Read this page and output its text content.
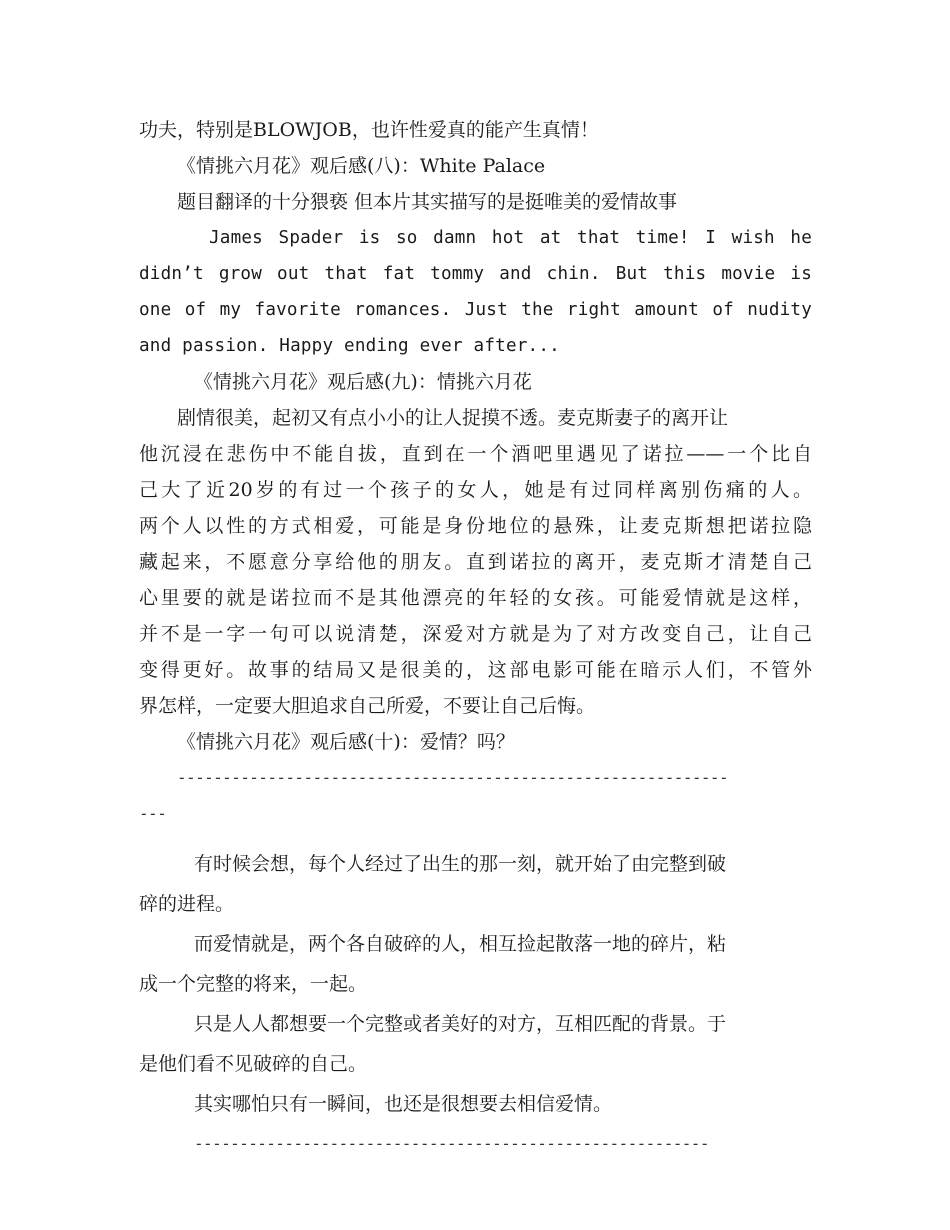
功夫，特别是BLOWJOB，也许性爱真的能产生真情！
《情挑六月花》观后感(八)：White Palace
题目翻译的十分猥亵 但本片其实描写的是挺唯美的爱情故事
James Spader is so damn hot at that time! I wish he
didn’t grow out that fat tommy and chin. But this movie is
one of my favorite romances. Just the right amount of nudity
and passion. Happy ending ever after...
《情挑六月花》观后感(九)：情挑六月花
剧情很美，起初又有点小小的让人捉摸不透。麦克斯妻子的离开让
他沉浸在悲伤中不能自拔，直到在一个酒吧里遇见了诺拉——一个比自
己大了近20岁的有过一个孩子的女人，她是有过同样离别伤痛的人。
两个人以性的方式相爱，可能是身份地位的悬殊，让麦克斯想把诺拉隐
藏起来，不愿意分享给他的朋友。直到诺拉的离开，麦克斯才清楚自己
心里要的就是诺拉而不是其他漂亮的年轻的女孩。可能爱情就是这样，
并不是一字一句可以说清楚，深爱对方就是为了对方改变自己，让自己
变得更好。故事的结局又是很美的，这部电影可能在暗示人们，不管外
界怎样，一定要大胆追求自己所爱，不要让自己后悔。
《情挑六月花》观后感(十)：爱情？吗？
-------------------------------------------------------------
---
有时候会想，每个人经过了出生的那一刻，就开始了由完整到破
碎的进程。
而爱情就是，两个各自破碎的人，相互捡起散落一地的碎片，粘
成一个完整的将来，一起。
只是人人都想要一个完整或者美好的对方，互相匹配的背景。于
是他们看不见破碎的自己。
其实哪怕只有一瞬间，也还是很想要去相信爱情。
---------------------------------------------------------
